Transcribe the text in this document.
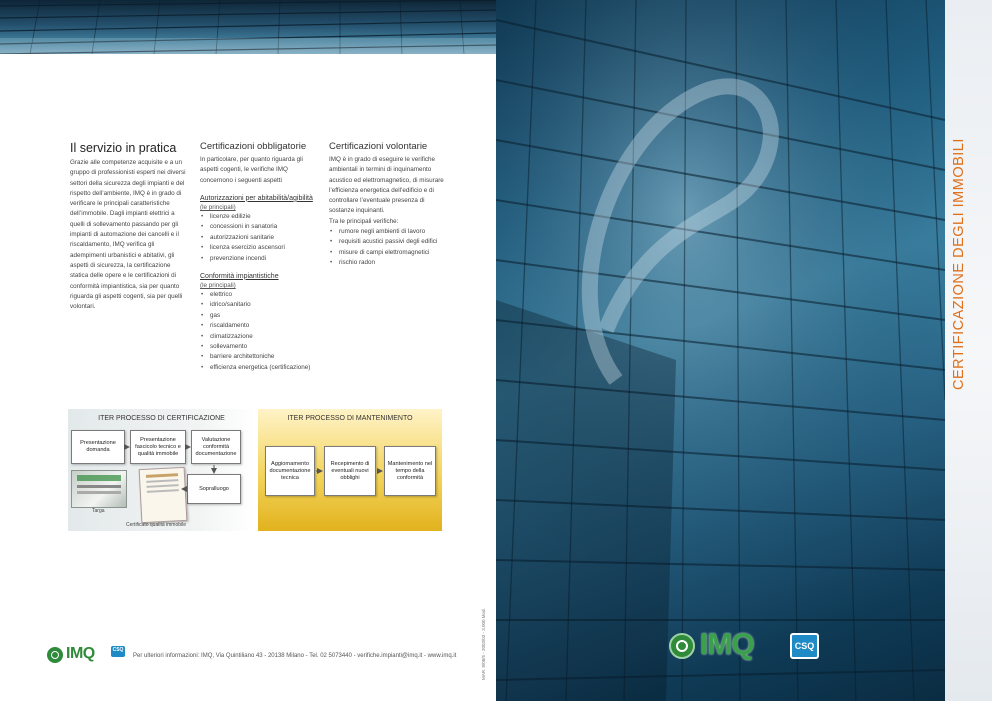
Il servizio in pratica
Grazie alle competenze acquisite e a un gruppo di professionisti esperti nei diversi settori della sicurezza degli impianti e del rispetto dell’ambiente, IMQ è in grado di verificare le principali caratteristiche dell’immobile. Dagli impianti elettrici a quelli di sollevamento passando per gli impianti di automazione dei cancelli e il riscaldamento, IMQ verifica gli adempimenti urbanistici e abitativi, gli aspetti di sicurezza, la certificazione statica delle opere e le certificazioni di conformità impiantistica, sia per quanto riguarda gli aspetti cogenti, sia per quelli volontari.
Certificazioni obbligatorie
In particolare, per quanto riguarda gli aspetti cogenti, le verifiche IMQ concernono i seguenti aspetti
Autorizzazioni per abitabilità/agibilità
(le principali)
• licenze edilizie
• concessioni in sanatoria
• autorizzazioni sanitarie
• licenza esercizio ascensori
• prevenzione incendi
Conformità impiantistiche
(le principali)
• elettrico
• idrico/sanitario
• gas
• riscaldamento
• climatizzazione
• sollevamento
• barriere architettoniche
• efficienza energetica (certificazione)
Certificazioni volontarie
IMQ è in grado di eseguire le verifiche ambientali in termini di inquinamento acustico ed elettromagnetico, di misurare l’efficienza energetica dell’edificio e di controllare l’eventuale presenza di sostanze inquinanti.
Tra le principali verifiche:
• rumore negli ambienti di lavoro
• requisiti acustici passivi degli edifici
• misure di campi elettromagnetici
• rischio radon
ITER PROCESSO DI CERTIFICAZIONE
Presentazione domanda
Presentazione fascicolo tecnico e qualità immobile
Valutazione conformità documentazione
Sopralluogo
Targa
Certificato qualità immobile
ITER PROCESSO DI MANTENIMENTO
Aggiornamento documentazione tecnica
Recepimento di eventuali nuovi obblighi
Mantenimento nel tempo della conformità
IMQ	CSQ
Per ulteriori informazioni: IMQ, Via Quintiliano 43 - 20138 Milano - Tel. 02 5073440 - verifiche.impianti@imq.it - www.imq.it	MAR. 8/08/5 - 2003/03 - 3.000 Mod.	IMQ	CSQ
CERTIFICAZIONE DEGLI IMMOBILI
